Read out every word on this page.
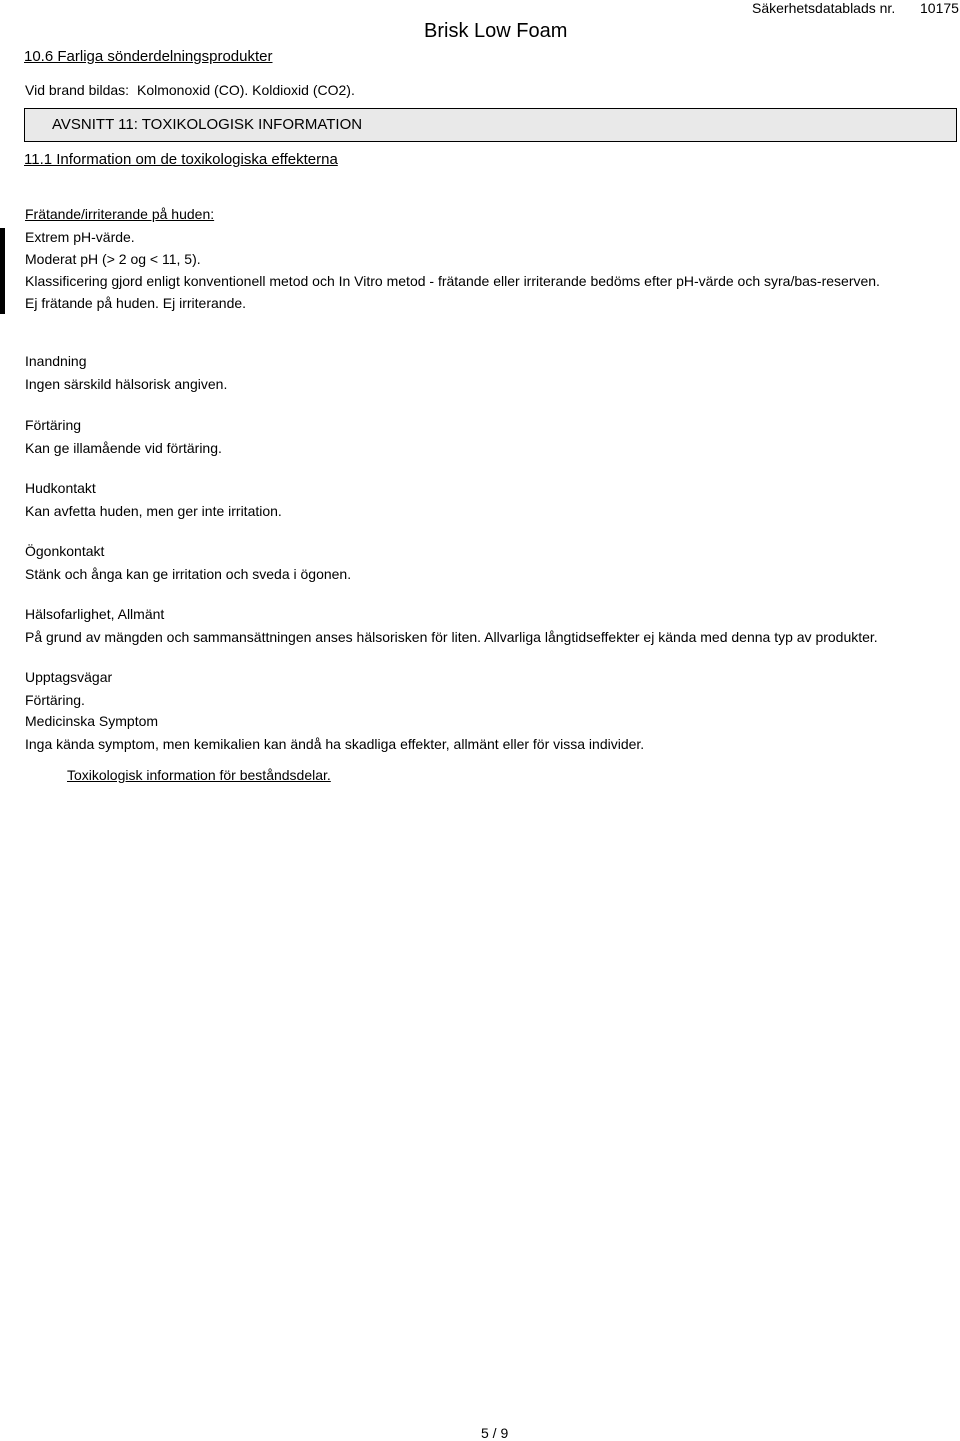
Brisk Low Foam
Säkerhetsdatablads nr. 10175
10.6 Farliga sönderdelningsprodukter
Vid brand bildas: Kolmonoxid (CO). Koldioxid (CO2).
AVSNITT 11: TOXIKOLOGISK INFORMATION
11.1 Information om de toxikologiska effekterna
Frätande/irriterande på huden:
Extrem pH-värde.
Moderat pH (> 2 og < 11, 5).
Klassificering gjord enligt konventionell metod och In Vitro metod - frätande eller irriterande bedöms efter pH-värde och syra/bas-reserven.
Ej frätande på huden. Ej irriterande.
Inandning
Ingen särskild hälsorisk angiven.
Förtäring
Kan ge illamående vid förtäring.
Hudkontakt
Kan avfetta huden, men ger inte irritation.
Ögonkontakt
Stänk och ånga kan ge irritation och sveda i ögonen.
Hälsofarlighet, Allmänt
På grund av mängden och sammansättningen anses hälsorisken för liten. Allvarliga långtidseffekter ej kända med denna typ av produkter.
Upptagsvägar
Förtäring.
Medicinska Symptom
Inga kända symptom, men kemikalien kan ändå ha skadliga effekter, allmänt eller för vissa individer.
Toxikologisk information för beståndsdelar.
5 / 9
